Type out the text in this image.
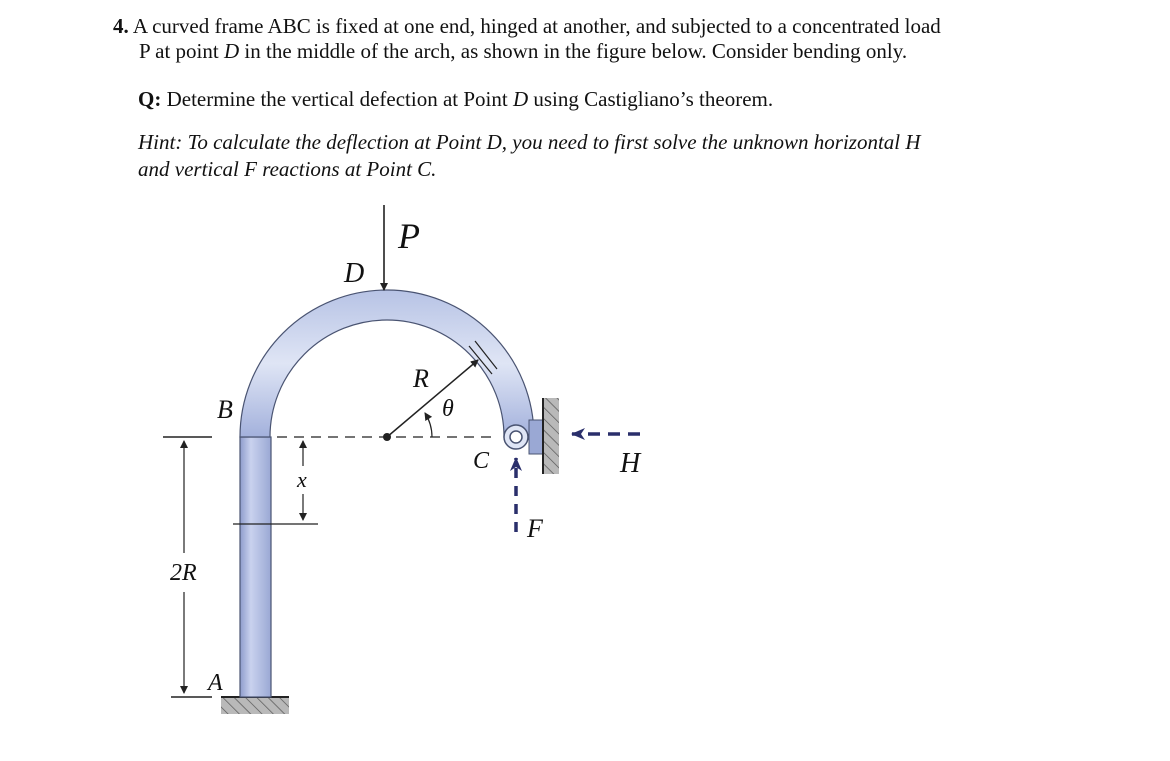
4. A curved frame ABC is fixed at one end, hinged at another, and subjected to a concentrated load
P at point D in the middle of the arch, as shown in the figure below. Consider bending only.
Q: Determine the vertical defection at Point D using Castigliano’s theorem.
Hint: To calculate the deflection at Point D, you need to first solve the unknown horizontal H
and vertical F reactions at Point C.
P
D
R
θ
B
C	H
x
F
2R
A
